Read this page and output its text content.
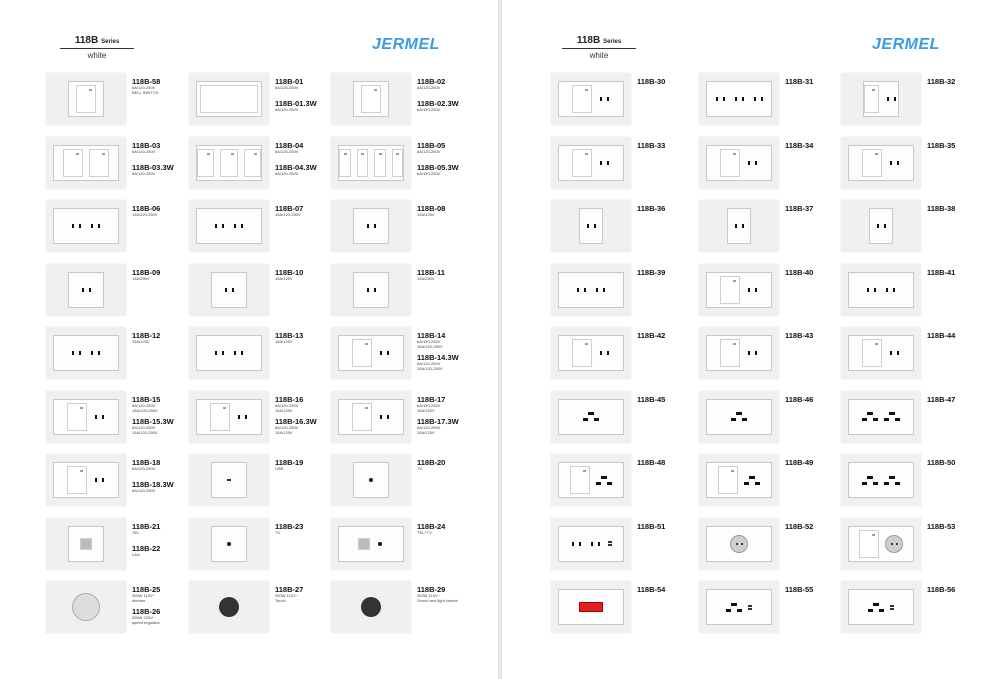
118B Series
white
JERMEL
118B-58
6A/120-250V
BELL SWITCH
118B-01
6A/120-250V
118B-01.3W
6A/120-250V
118B-02
6A/120-250V
118B-02.3W
6A/120-250V
118B-03
6A/120-250V
118B-03.3W
6A/120-250V
118B-04
6A/120-250V
118B-04.3W
6A/120-250V
118B-05
6A/120-250V
118B-05.3W
6A/120-250V
118B-06
15A/120-250V
118B-07
15A/120-250V
118B-08
15A/125V
118B-09
15A/250V
118B-10
15A/125V
118B-11
15A/250V
118B-12
15A/125V
118B-13
15A/125V
118B-14
6A/120-250V
15A/120-250V
118B-14.3W
6A/120-250V
15A/120-250V
118B-15
6A/120-250V
15A/120-250V
118B-15.3W
6A/120-250V
15A/120-250V
118B-16
6A/120-250V
15A/125V
118B-16.3W
6A/120-250V
15A/125V
118B-17
6A/120-250V
15A/125V
118B-17.3W
6A/120-250V
15A/125V
118B-18
6A/120-250V
118B-18.3W
6A/120-250V
118B-19
USB
118B-20
TV
118B-21
TEL
118B-22
LAN
118B-23
TV
118B-24
TEL+TV
118B-25
300W 110V~
dimmer
118B-26
300W 220V~
speed regulator
118B-27
300W 110V~
Touch
118B-29
300W 110V~
Sound and light control
118B Series
white
JERMEL
118B-30	118B-31	118B-32
118B-33	118B-34	118B-35
118B-36	118B-37	118B-38
118B-39	118B-40	118B-41
118B-42	118B-43	118B-44
118B-45	118B-46	118B-47
118B-48	118B-49	118B-50
118B-51	118B-52	118B-53
118B-54	118B-55	118B-56
